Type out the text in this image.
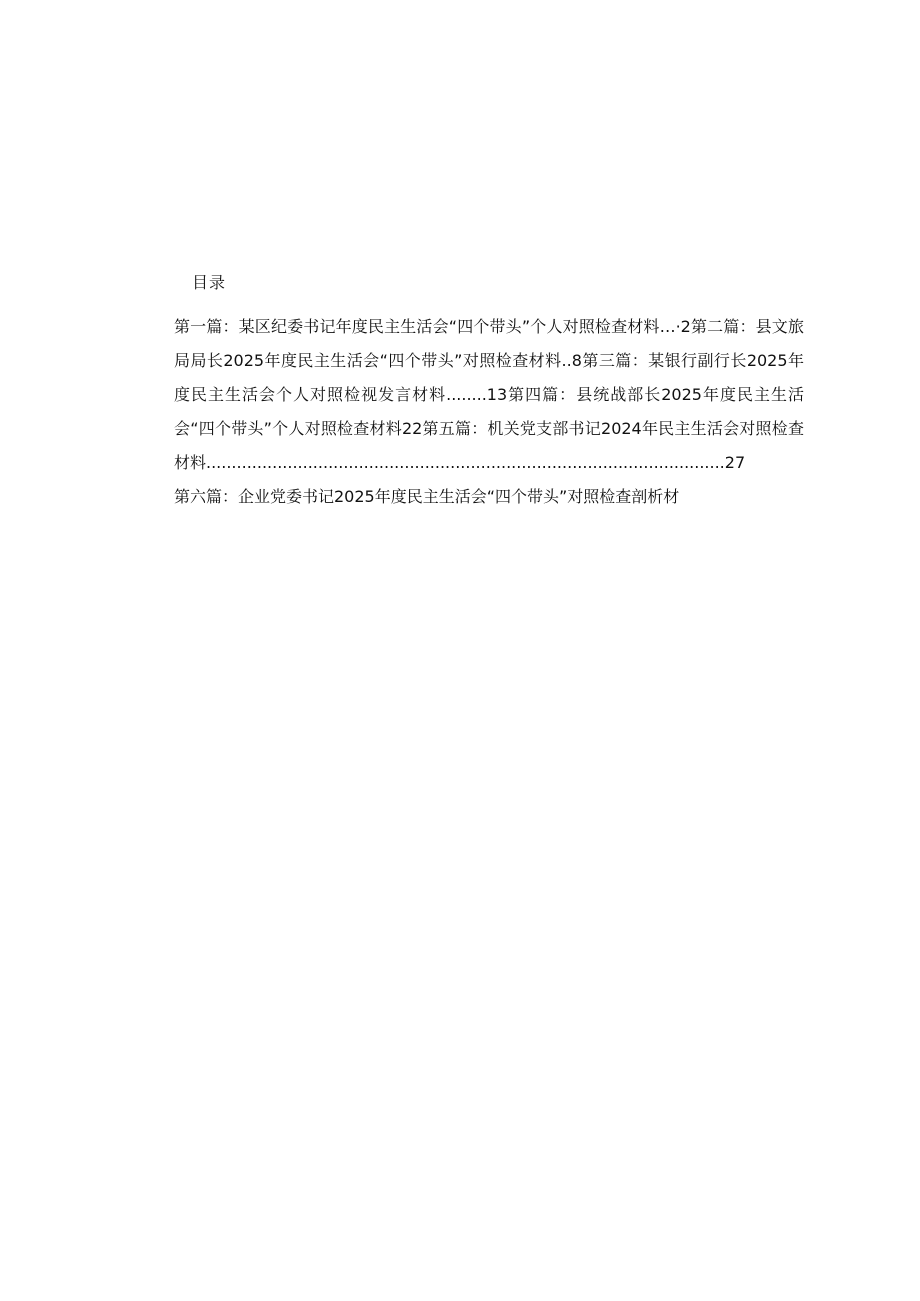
目录

第一篇：某区纪委书记年度民主生活会“四个带头”个人对照检查材料…·2第二篇：县文旅局局长2025年度民主生活会“四个带头”对照检查材料..8第三篇：某银行副行长2025年度民主生活会个人对照检视发言材料........13第四篇：县统战部长2025年度民主生活会“四个带头”个人对照检查材料22第五篇：机关党支部书记2024年民主生活会对照检查材料......................................................................................................27

第六篇：企业党委书记2025年度民主生活会“四个带头”对照检查剖析材
